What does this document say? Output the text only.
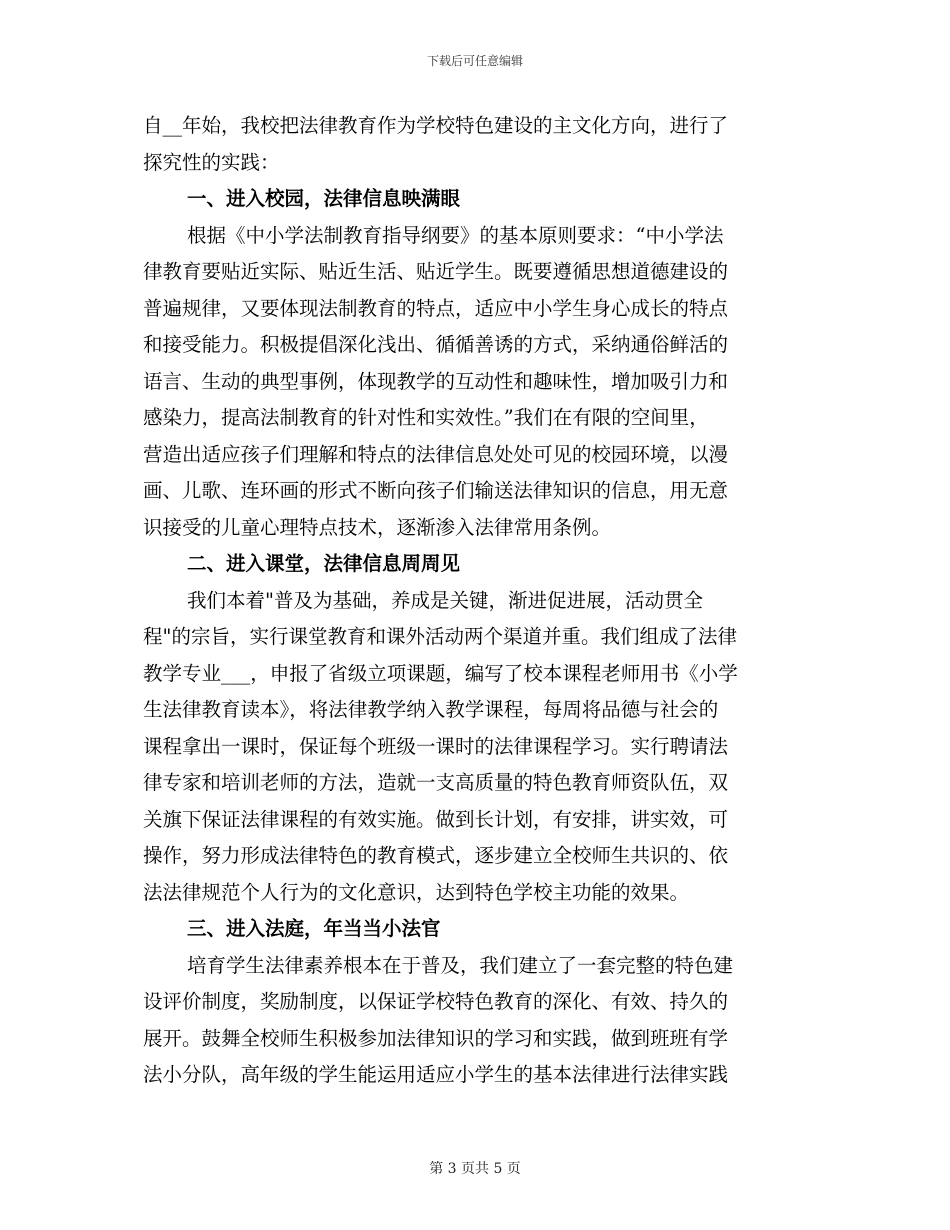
下载后可任意编辑
自__年始，我校把法律教育作为学校特色建设的主文化方向，进行了
探究性的实践：
一、进入校园，法律信息映满眼
根据《中小学法制教育指导纲要》的基本原则要求：“中小学法
律教育要贴近实际、贴近生活、贴近学生。既要遵循思想道德建设的
普遍规律，又要体现法制教育的特点，适应中小学生身心成长的特点
和接受能力。积极提倡深化浅出、循循善诱的方式，采纳通俗鲜活的
语言、生动的典型事例，体现教学的互动性和趣味性，增加吸引力和
感染力，提高法制教育的针对性和实效性。”我们在有限的空间里，
营造出适应孩子们理解和特点的法律信息处处可见的校园环境，以漫
画、儿歌、连环画的形式不断向孩子们输送法律知识的信息，用无意
识接受的儿童心理特点技术，逐渐渗入法律常用条例。
二、进入课堂，法律信息周周见
我们本着"普及为基础，养成是关键，渐进促进展，活动贯全
程"的宗旨，实行课堂教育和课外活动两个渠道并重。我们组成了法律
教学专业___，申报了省级立项课题，编写了校本课程老师用书《小学
生法律教育读本》，将法律教学纳入教学课程，每周将品德与社会的
课程拿出一课时，保证每个班级一课时的法律课程学习。实行聘请法
律专家和培训老师的方法，造就一支高质量的特色教育师资队伍，双
关旗下保证法律课程的有效实施。做到长计划，有安排，讲实效，可
操作，努力形成法律特色的教育模式，逐步建立全校师生共识的、依
法法律规范个人行为的文化意识，达到特色学校主功能的效果。
三、进入法庭，年当当小法官
培育学生法律素养根本在于普及，我们建立了一套完整的特色建
设评价制度，奖励制度，以保证学校特色教育的深化、有效、持久的
展开。鼓舞全校师生积极参加法律知识的学习和实践，做到班班有学
法小分队，高年级的学生能运用适应小学生的基本法律进行法律实践
第 3 页共 5 页
